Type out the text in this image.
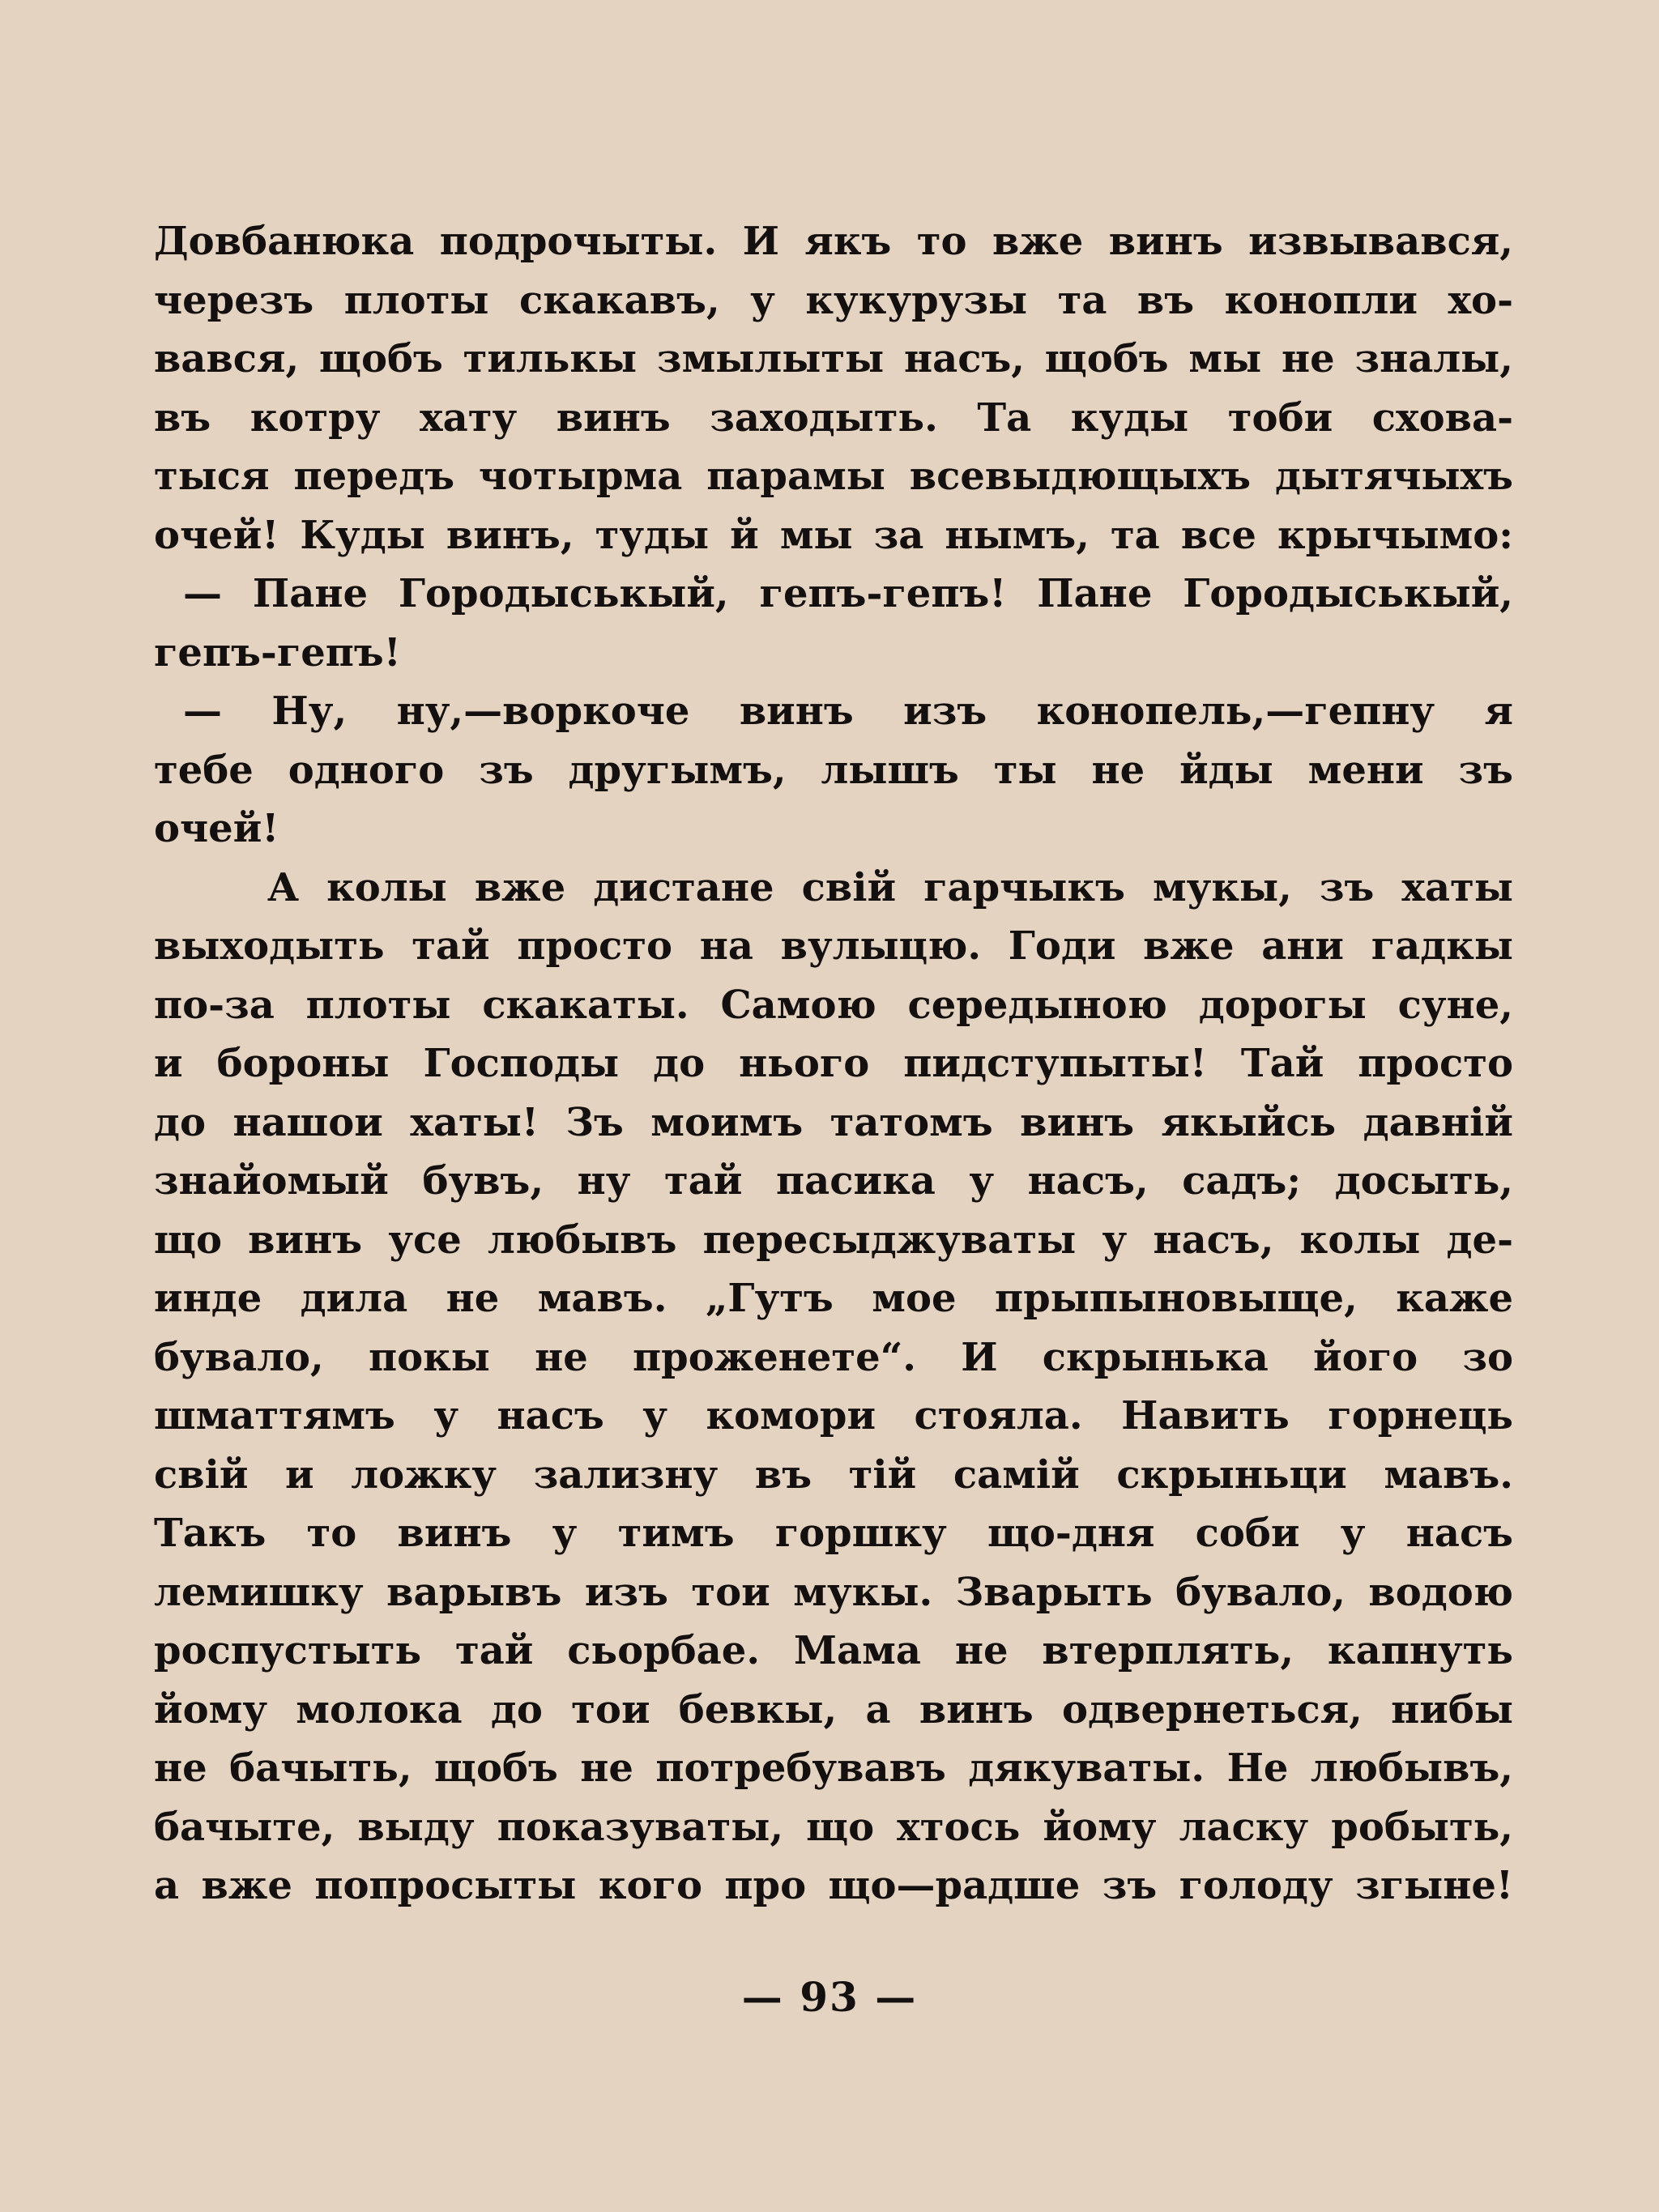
Довбанюка подрочыты. И якъ то вже винъ извывався,
черезъ плоты скакавъ, у кукурузы та въ конопли хо-
вався, щобъ тилькы змылыты насъ, щобъ мы не зналы,
въ котру хату винъ заходыть. Та куды тоби схова-
тыся передъ чотырма парамы всевыдющыхъ дытячыхъ
очей! Куды винъ, туды й мы за нымъ, та все крычымо:
— Пане Городыськый, гепъ-гепъ! Пане Городыськый,
гепъ-гепъ!
— Ну, ну,—воркоче винъ изъ конопель,—гепну я
тебе одного зъ другымъ, лышъ ты не йды мени зъ
очей!
А колы вже дистане свій гарчыкъ мукы, зъ хаты
выходыть тай просто на вулыцю. Годи вже ани гадкы
по-за плоты скакаты. Самою середыною дорогы суне,
и бороны Господы до нього пидступыты! Тай просто
до нашои хаты! Зъ моимъ татомъ винъ якыйсь давній
знайомый бувъ, ну тай пасика у насъ, садъ; досыть,
що винъ усе любывъ пересыджуваты у насъ, колы де-
инде дила не мавъ. „Гутъ мое прыпыновыще, каже
бувало, покы не проженете“. И скрынька його зо
шматтямъ у насъ у комори стояла. Навить горнець
свій и ложку зализну въ тій самій скрыньци мавъ.
Такъ то винъ у тимъ горшку що-дня соби у насъ
лемишку варывъ изъ тои мукы. Зварыть бувало, водою
роспустыть тай сьорбае. Мама не втерплять, капнуть
йому молока до тои бевкы, а винъ одвернеться, нибы
не бачыть, щобъ не потребувавъ дякуваты. Не любывъ,
бачыте, выду показуваты, що хтось йому ласку робыть,
а вже попросыты кого про що—радше зъ голоду згыне!
— 93 —
